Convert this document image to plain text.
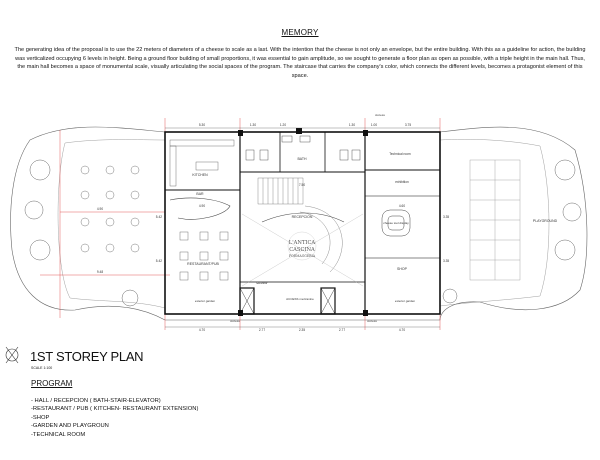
MEMORY
The generating idea of the proposal is to use the 22 meters of diameters of a cheese to scale as a last. With the intention that the cheese is not only an envelope, but the entire building. With this as a guideline for action, the building was verticalized occupying 6 levels in height. Being a ground floor building of small proportions, it was essential to gain amplitude, so we sought to generate a floor plan as open as possible, with a triple height in the main hall. Thus, the main hall becomes a space of monumental scale, visually articulating the social spaces of the program. The staircase that carries the company's color, which connects the different levels, becomes a protagonist element of this space.
L'ANTICA
CASCINA
FORMAGGERIA
KITCHEN
BAR
RESTAURANT/PUB
BATH
RECEPCION
Technical room
exhibition
cheese tool display
SHOP
PLAYGROUND
Elevator
ACCESS mezzanine
exterior garden	exterior garden
Access
Access	Access
5.30	1.30	1.20	1.30	1.00	3.75
4.70	2.77	2.35	2.77	4.70
7.50
4.90	4.60
4.90
9.48
5.42
5.42
3.35
3.35
1ST STOREY PLAN
SCALE 1:100
PROGRAM
- HALL / RECEPCION ( BATH-STAIR-ELEVATOR)
-RESTAURANT / PUB ( KITCHEN- RESTAURANT EXTENSION)
-SHOP
-GARDEN AND PLAYGROUN
-TECHNICAL ROOM
